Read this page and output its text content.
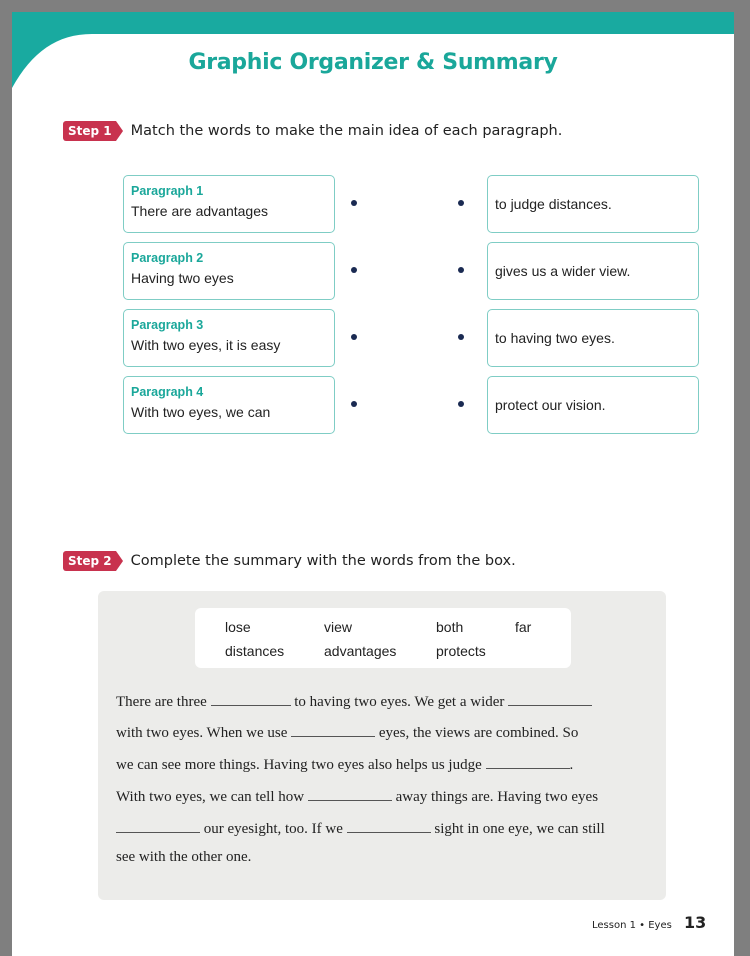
Graphic Organizer & Summary
Step 1 Match the words to make the main idea of each paragraph.
Paragraph 1
There are advantages
Paragraph 2
Having two eyes
Paragraph 3
With two eyes, it is easy
Paragraph 4
With two eyes, we can
to judge distances.
gives us a wider view.
to having two eyes.
protect our vision.
Step 2 Complete the summary with the words from the box.
lose	view	both	far
distances	advantages	protects
There are three	to having two eyes. We get a wider
with two eyes. When we use	eyes, the views are combined. So
we can see more things. Having two eyes also helps us judge	.
With two eyes, we can tell how	away things are. Having two eyes
our eyesight, too. If we	sight in one eye, we can still
see with the other one.
Lesson 1 • Eyes 13
